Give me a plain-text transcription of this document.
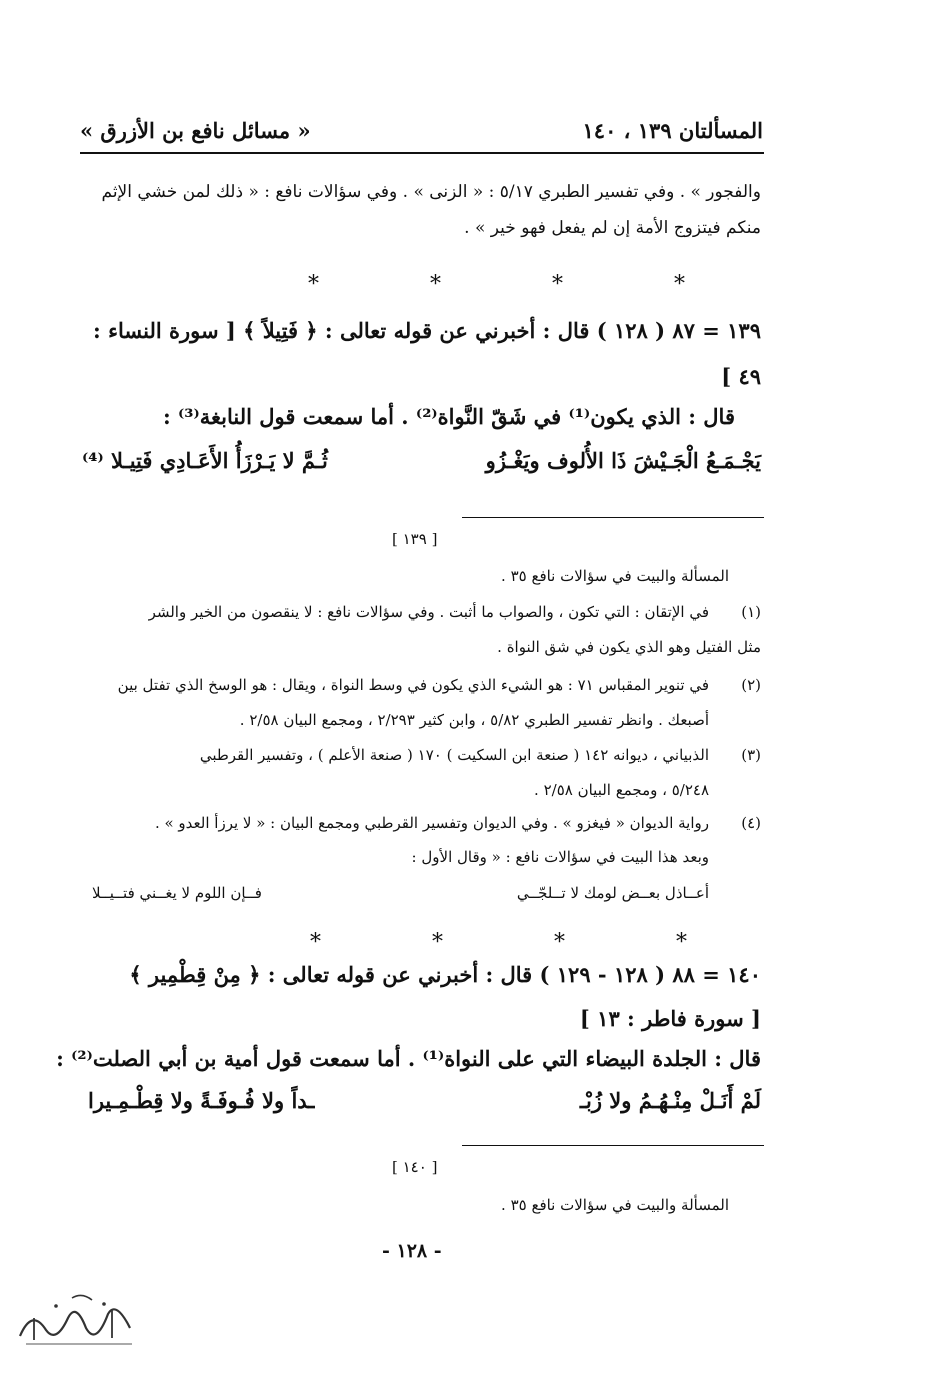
المسألتان ١٣٩ ، ١٤٠
« مسائل نافع بن الأزرق »
والفجور » . وفي تفسير الطبري ٥/١٧ : « الزنى » . وفي سؤالات نافع : « ذلك لمن خشي الإثم
منكم فيتزوج الأمة إن لم يفعل فهو خير » .
* * * *
١٣٩ = ٨٧ ( ١٢٨ ) قال : أخبرني عن قوله تعالى : ﴿ فَتِيلاً ﴾ [ سورة النساء :
٤٩ ]
قال : الذي يكون⁽¹⁾ في شَقّ النَّواة⁽²⁾ . أما سمعت قول النابغة⁽³⁾ :
يَجْـمَـعُ الْجَـيْشَ ذَا الأُلوف ويَغْـزُو
ثُـمَّ لا يَـرْزَأُ الأَعَـادِي فَتِيـلا ⁽⁴⁾
[ ١٣٩ ]
المسألة والبيت في سؤالات نافع ٣٥ .
(١)
في الإتقان : التي تكون ، والصواب ما أثبت . وفي سؤالات نافع : لا ينقصون من الخير والشر
مثل الفتيل وهو الذي يكون في شق النواة .
(٢)
في تنوير المقباس ٧١ : هو الشيء الذي يكون في وسط النواة ، ويقال : هو الوسخ الذي تفتل بين
أصبعك . وانظر تفسير الطبري ٥/٨٢ ، وابن كثير ٢/٢٩٣ ، ومجمع البيان ٢/٥٨ .
(٣)
الذبياني ، ديوانه ١٤٢ ( صنعة ابن السكيت ) ١٧٠ ( صنعة الأعلم ) ، وتفسير القرطبي
٥/٢٤٨ ، ومجمع البيان ٢/٥٨ .
(٤)
رواية الديوان « فيغزو » . وفي الديوان وتفسير القرطبي ومجمع البيان : « لا يرزأ العدو » .
وبعد هذا البيت في سؤالات نافع : « وقال الأول :
أعــاذل بعــض لومك لا تــلجّــي
فــإن اللوم لا يغــني فتــيــلا
* * * *
١٤٠ = ٨٨ ( ١٢٨ - ١٢٩ ) قال : أخبرني عن قوله تعالى : ﴿ مِنْ قِطْمِير ﴾
[ سورة فاطر : ١٣ ]
قال : الجلدة البيضاء التي على النواة⁽¹⁾ . أما سمعت قول أمية بن أبي الصلت⁽²⁾ :
لَمْ أَنَـلْ مِنْـهُـمُ ولا زُبْـ
ـداً ولا فُـوفَـةً ولا قِطْـمِـيرا
[ ١٤٠ ]
المسألة والبيت في سؤالات نافع ٣٥ .
- ١٢٨ -
